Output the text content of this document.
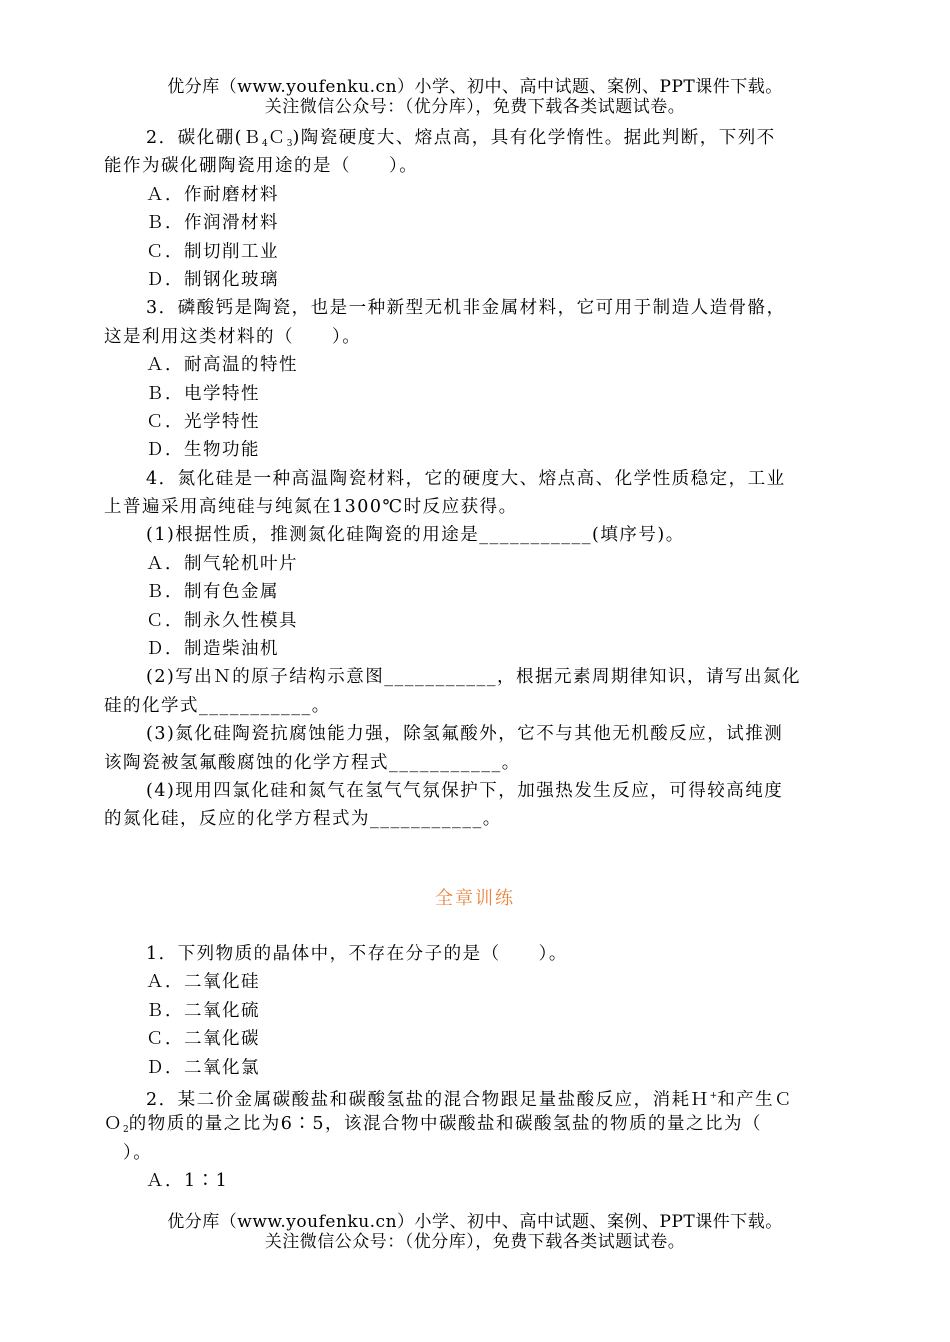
优分库（www.youfenku.cn）小学、初中、高中试题、案例、PPT课件下载。
关注微信公众号：（优分库），免费下载各类试题试卷。
2．碳化硼(Ｂ$_4$Ｃ$_3$)陶瓷硬度大、熔点高，具有化学惰性。据此判断，下列不
能作为碳化硼陶瓷用途的是（　　）。
Ａ．作耐磨材料
Ｂ．作润滑材料
Ｃ．制切削工业
Ｄ．制钢化玻璃
3．磷酸钙是陶瓷，也是一种新型无机非金属材料，它可用于制造人造骨骼，
这是利用这类材料的（　　）。
Ａ．耐高温的特性
Ｂ．电学特性
Ｃ．光学特性
Ｄ．生物功能
4．氮化硅是一种高温陶瓷材料，它的硬度大、熔点高、化学性质稳定，工业
上普遍采用高纯硅与纯氮在1300℃时反应获得。
(1)根据性质，推测氮化硅陶瓷的用途是___________(填序号)。
Ａ．制气轮机叶片
Ｂ．制有色金属
Ｃ．制永久性模具
Ｄ．制造柴油机
(2)写出Ｎ的原子结构示意图___________，根据元素周期律知识，请写出氮化
硅的化学式___________。
(3)氮化硅陶瓷抗腐蚀能力强，除氢氟酸外，它不与其他无机酸反应，试推测
该陶瓷被氢氟酸腐蚀的化学方程式___________。
(4)现用四氯化硅和氮气在氢气气氛保护下，加强热发生反应，可得较高纯度
的氮化硅，反应的化学方程式为___________。
全章训练
1．下列物质的晶体中，不存在分子的是（　　）。
Ａ．二氧化硅
Ｂ．二氧化硫
Ｃ．二氧化碳
Ｄ．二氧化氯
2．某二价金属碳酸盐和碳酸氢盐的混合物跟足量盐酸反应，消耗Ｈ+和产生Ｃ
Ｏ$_2$的物质的量之比为6∶5，该混合物中碳酸盐和碳酸氢盐的物质的量之比为（
　）。
Ａ．1∶1
优分库（www.youfenku.cn）小学、初中、高中试题、案例、PPT课件下载。
关注微信公众号：（优分库），免费下载各类试题试卷。
